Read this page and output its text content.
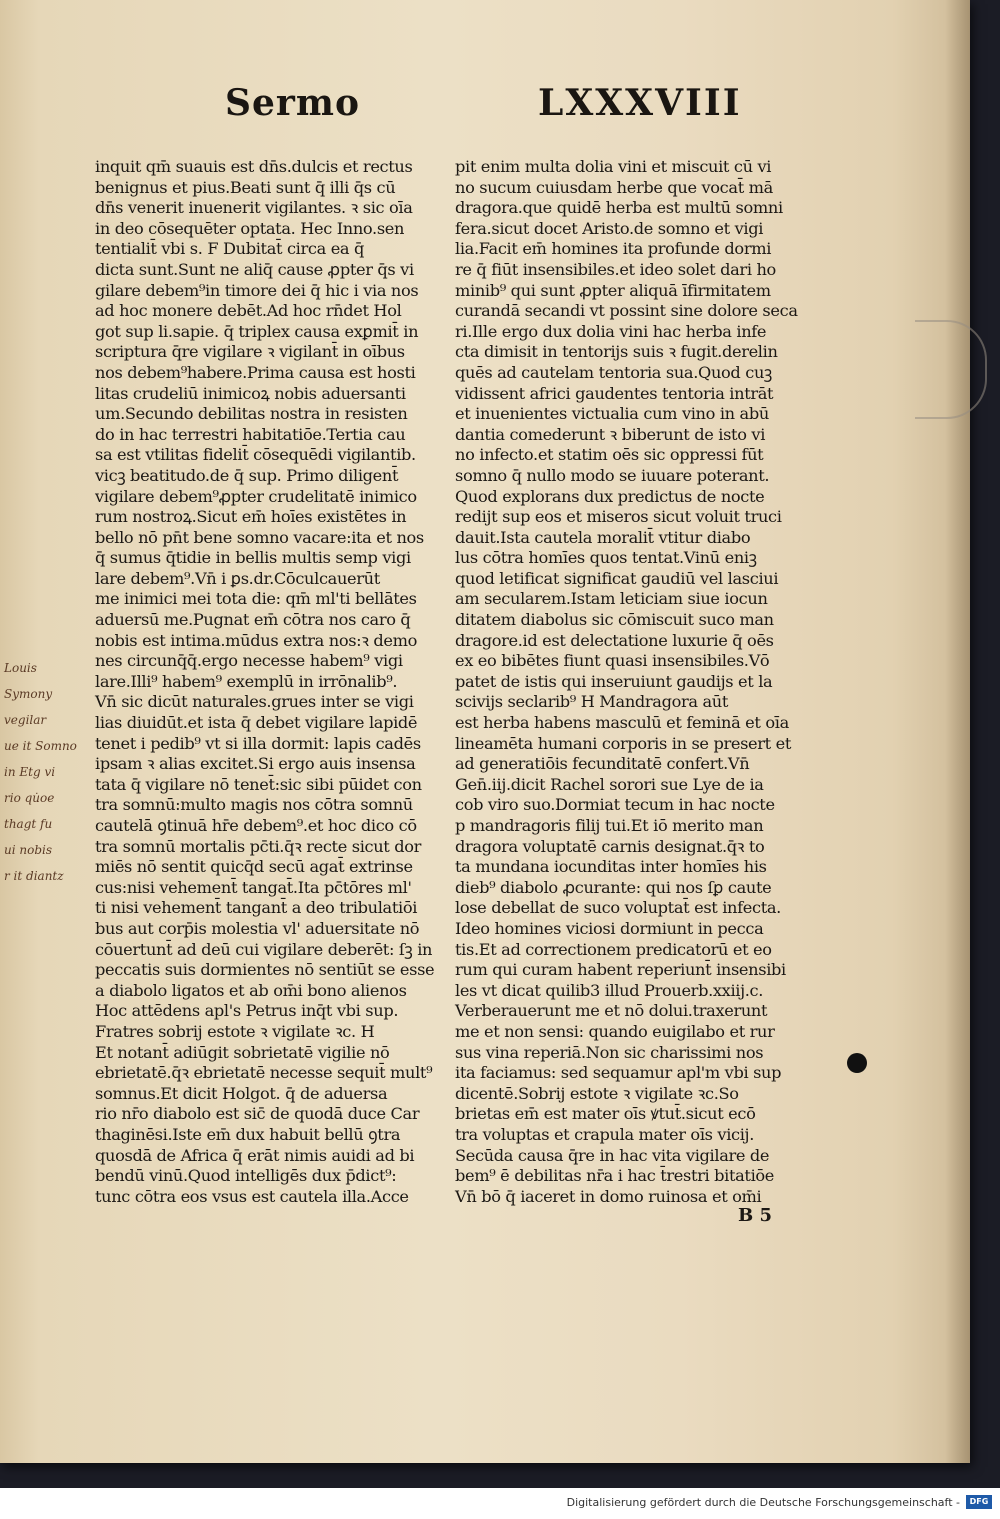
Sermo	LXXXVIII
inquit qm̄ suauis est dn̄s.dulcis et rectus
benignus et pius.Beati sunt q̄ illi q̄s cū
dn̄s venerit inuenerit vigilantes. ꝛ sic oīa
in deo cōsequēter optata. Hec Inno.sen
tentialit̄ vbi s. F Dubitat̄ circa ea q̄
dicta sunt.Sunt ne aliq̄ cause ꝓpter q̄s vi
gilare debem⁹in timore dei q̄ hic i via nos
ad hoc monere debēt.Ad hoc rn̄det Hol
got sup li.sapie. q̄ triplex causa exꝑmit̄ in
scriptura q̄re vigilare ꝛ vigilant̄ in oībus
nos debem⁹habere.Prima causa est hosti
litas crudeliū inimicoꝝ nobis aduersanti
um.Secundo debilitas nostra in resisten
do in hac terrestri habitatiōe.Tertia cau
sa est vtilitas fidelit̄ cōsequēdi vigilantib.
vicꝫ beatitudo.de q̄ sup. Primo diligent̄
vigilare debem⁹ꝓpter crudelitatē inimico
rum nostroꝝ.Sicut em̄ hoīes existētes in
bello nō pn̄t bene somno vacare:ita et nos
q̄ sumus q̄tidie in bellis multis semp vigi
lare debem⁹.Vn̄ i ꝑs.dr.Cōculcauerūt
me inimici mei tota die: qm̄ ml'ti bellātes
aduersū me.Pugnat em̄ cōtra nos caro q̄
nobis est intima.mūdus extra nos:ꝛ demo
nes circunq̄q̄.ergo necesse habem⁹ vigi
lare.Illi⁹ habem⁹ exemplū in irrōnalib⁹.
Vn̄ sic dicūt naturales.grues inter se vigi
lias diuidūt.et ista q̄ debet vigilare lapidē
tenet i pedib⁹ vt si illa dormit: lapis cadēs
ipsam ꝛ alias excitet.Si ergo auis insensa
tata q̄ vigilare nō tenet̄:sic sibi pūidet con
tra somnū:multo magis nos cōtra somnū
cautelā ꝯtinuā hr̄e debem⁹.et hoc dico cō
tra somnū mortalis pc̄ti.q̄ꝛ recte sicut dor
miēs nō sentit quicq̄d secū agat̄ extrinse
cus:nisi vehement̄ tangat̄.Ita pc̄tōres ml'
ti nisi vehement̄ tangant̄ a deo tribulatiōi
bus aut corp̄is molestia vl' aduersitate nō
cōuertunt̄ ad deū cui vigilare deberēt: ſꝫ in
peccatis suis dormientes nō sentiūt se esse
a diabolo ligatos et ab om̄i bono alienos
Hoc attēdens apl's Petrus inq̄t vbi sup.
Fratres sobrij estote ꝛ vigilate ꝛc. H
Et notant̄ adiūgit sobrietatē vigilie nō
ebrietatē.q̄ꝛ ebrietatē necesse sequit̄ mult⁹
somnus.Et dicit Holgot. q̄ de aduersa
rio nr̄o diabolo est sic̄ de quodā duce Car
thaginēsi.Iste em̄ dux habuit bellū ꝯtra
quosdā de Africa q̄ erāt nimis auidi ad bi
bendū vinū.Quod intelligēs dux p̄dict⁹:
tunc cōtra eos vsus est cautela illa.Acce
pit enim multa dolia vini et miscuit cū vi
no sucum cuiusdam herbe que vocat̄ mā
dragora.que quidē herba est multū somni
fera.sicut docet Aristo.de somno et vigi
lia.Facit em̄ homines ita profunde dormi
re q̄ fiūt insensibiles.et ideo solet dari ho
minib⁹ qui sunt ꝓpter aliquā īfirmitatem
curandā secandi vt possint sine dolore seca
ri.Ille ergo dux dolia vini hac herba infe
cta dimisit in tentorijs suis ꝛ fugit.derelin
quēs ad cautelam tentoria sua.Quod cuꝫ
vidissent africi gaudentes tentoria intrāt
et inuenientes victualia cum vino in abū
dantia comederunt ꝛ biberunt de isto vi
no infecto.et statim oēs sic oppressi fūt
somno q̄ nullo modo se iuuare poterant.
Quod explorans dux predictus de nocte
redijt sup eos et miseros sicut voluit truci
dauit.Ista cautela moralit̄ vtitur diabo
lus cōtra homīes quos tentat.Vinū eniꝫ
quod letificat significat gaudiū vel lasciui
am secularem.Istam leticiam siue iocun
ditatem diabolus sic cōmiscuit suco man
dragore.id est delectatione luxurie q̄ oēs
ex eo bibētes fiunt quasi insensibiles.Vō
patet de istis qui inseruiunt gaudijs et la
scivijs seclarib⁹ H Mandragora aūt
est herba habens masculū et feminā et oīa
lineamēta humani corporis in se presert et
ad generatiōis fecunditatē confert.Vn̄
Gen̄.iij.dicit Rachel sorori sue Lye de ia
cob viro suo.Dormiat tecum in hac nocte
p mandragoris filij tui.Et iō merito man
dragora voluptatē carnis designat.q̄ꝛ to
ta mundana iocunditas inter homīes his
dieb⁹ diabolo ꝓcurante: qui nos ſꝑ caute
lose debellat de suco voluptat̄ est infecta.
Ideo homines viciosi dormiunt in pecca
tis.Et ad correctionem predicatorū et eo
rum qui curam habent reperiunt̄ insensibi
les vt dicat quilib3 illud Prouerb.xxiij.c.
Verberauerunt me et nō dolui.traxerunt
me et non sensi: quando euigilabo et rur
sus vina reperiā.Non sic charissimi nos
ita faciamus: sed sequamur apl'm vbi sup
dicentē.Sobrij estote ꝛ vigilate ꝛc.So
brietas em̄ est mater oīs ꝟtut̄.sicut ecō
tra voluptas et crapula mater oīs vicij.
Secūda causa q̄re in hac vita vigilare de
bem⁹ ē debilitas nr̄a i hac t̄restri bitatiōe
Vn̄ bō q̄ iaceret in domo ruinosa et om̄i
B 5
Louis
Symony
vegilar
ue it Somno
in Etg vi
rio qu̇oe
thagt fu
ui nobis
r it diantz
Digitalisierung gefördert durch die Deutsche Forschungsgemeinschaft -	DFG
